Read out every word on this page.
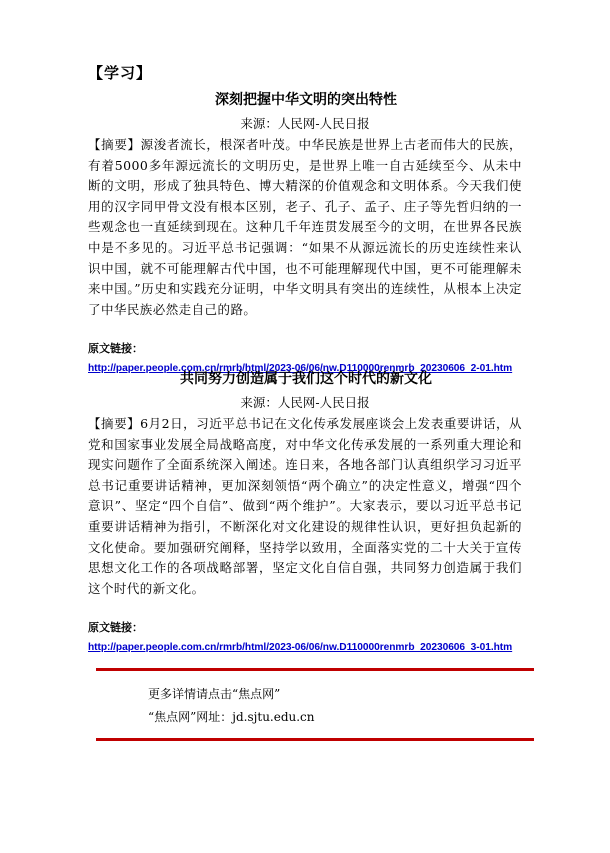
【学习】
深刻把握中华文明的突出特性
来源：人民网-人民日报
【摘要】源浚者流长，根深者叶茂。中华民族是世界上古老而伟大的民族，有着5000多年源远流长的文明历史，是世界上唯一自古延续至今、从未中断的文明，形成了独具特色、博大精深的价值观念和文明体系。今天我们使用的汉字同甲骨文没有根本区别，老子、孔子、孟子、庄子等先哲归纳的一些观念也一直延续到现在。这种几千年连贯发展至今的文明，在世界各民族中是不多见的。习近平总书记强调：“如果不从源远流长的历史连续性来认识中国，就不可能理解古代中国，也不可能理解现代中国，更不可能理解未来中国。”历史和实践充分证明，中华文明具有突出的连续性，从根本上决定了中华民族必然走自己的路。
原文链接：
http://paper.people.com.cn/rmrb/html/2023-06/06/nw.D110000renmrb_20230606_2-01.htm
共同努力创造属于我们这个时代的新文化
来源：人民网-人民日报
【摘要】6月2日，习近平总书记在文化传承发展座谈会上发表重要讲话，从党和国家事业发展全局战略高度，对中华文化传承发展的一系列重大理论和现实问题作了全面系统深入阐述。连日来，各地各部门认真组织学习习近平总书记重要讲话精神，更加深刻领悟“两个确立”的决定性意义，增强“四个意识”、坚定“四个自信”、做到“两个维护”。大家表示，要以习近平总书记重要讲话精神为指引，不断深化对文化建设的规律性认识，更好担负起新的文化使命。要加强研究阐释，坚持学以致用，全面落实党的二十大关于宣传思想文化工作的各项战略部署，坚定文化自信自强，共同努力创造属于我们这个时代的新文化。
原文链接：
http://paper.people.com.cn/rmrb/html/2023-06/06/nw.D110000renmrb_20230606_3-01.htm
更多详情请点击“焦点网”
“焦点网”网址：jd.sjtu.edu.cn
